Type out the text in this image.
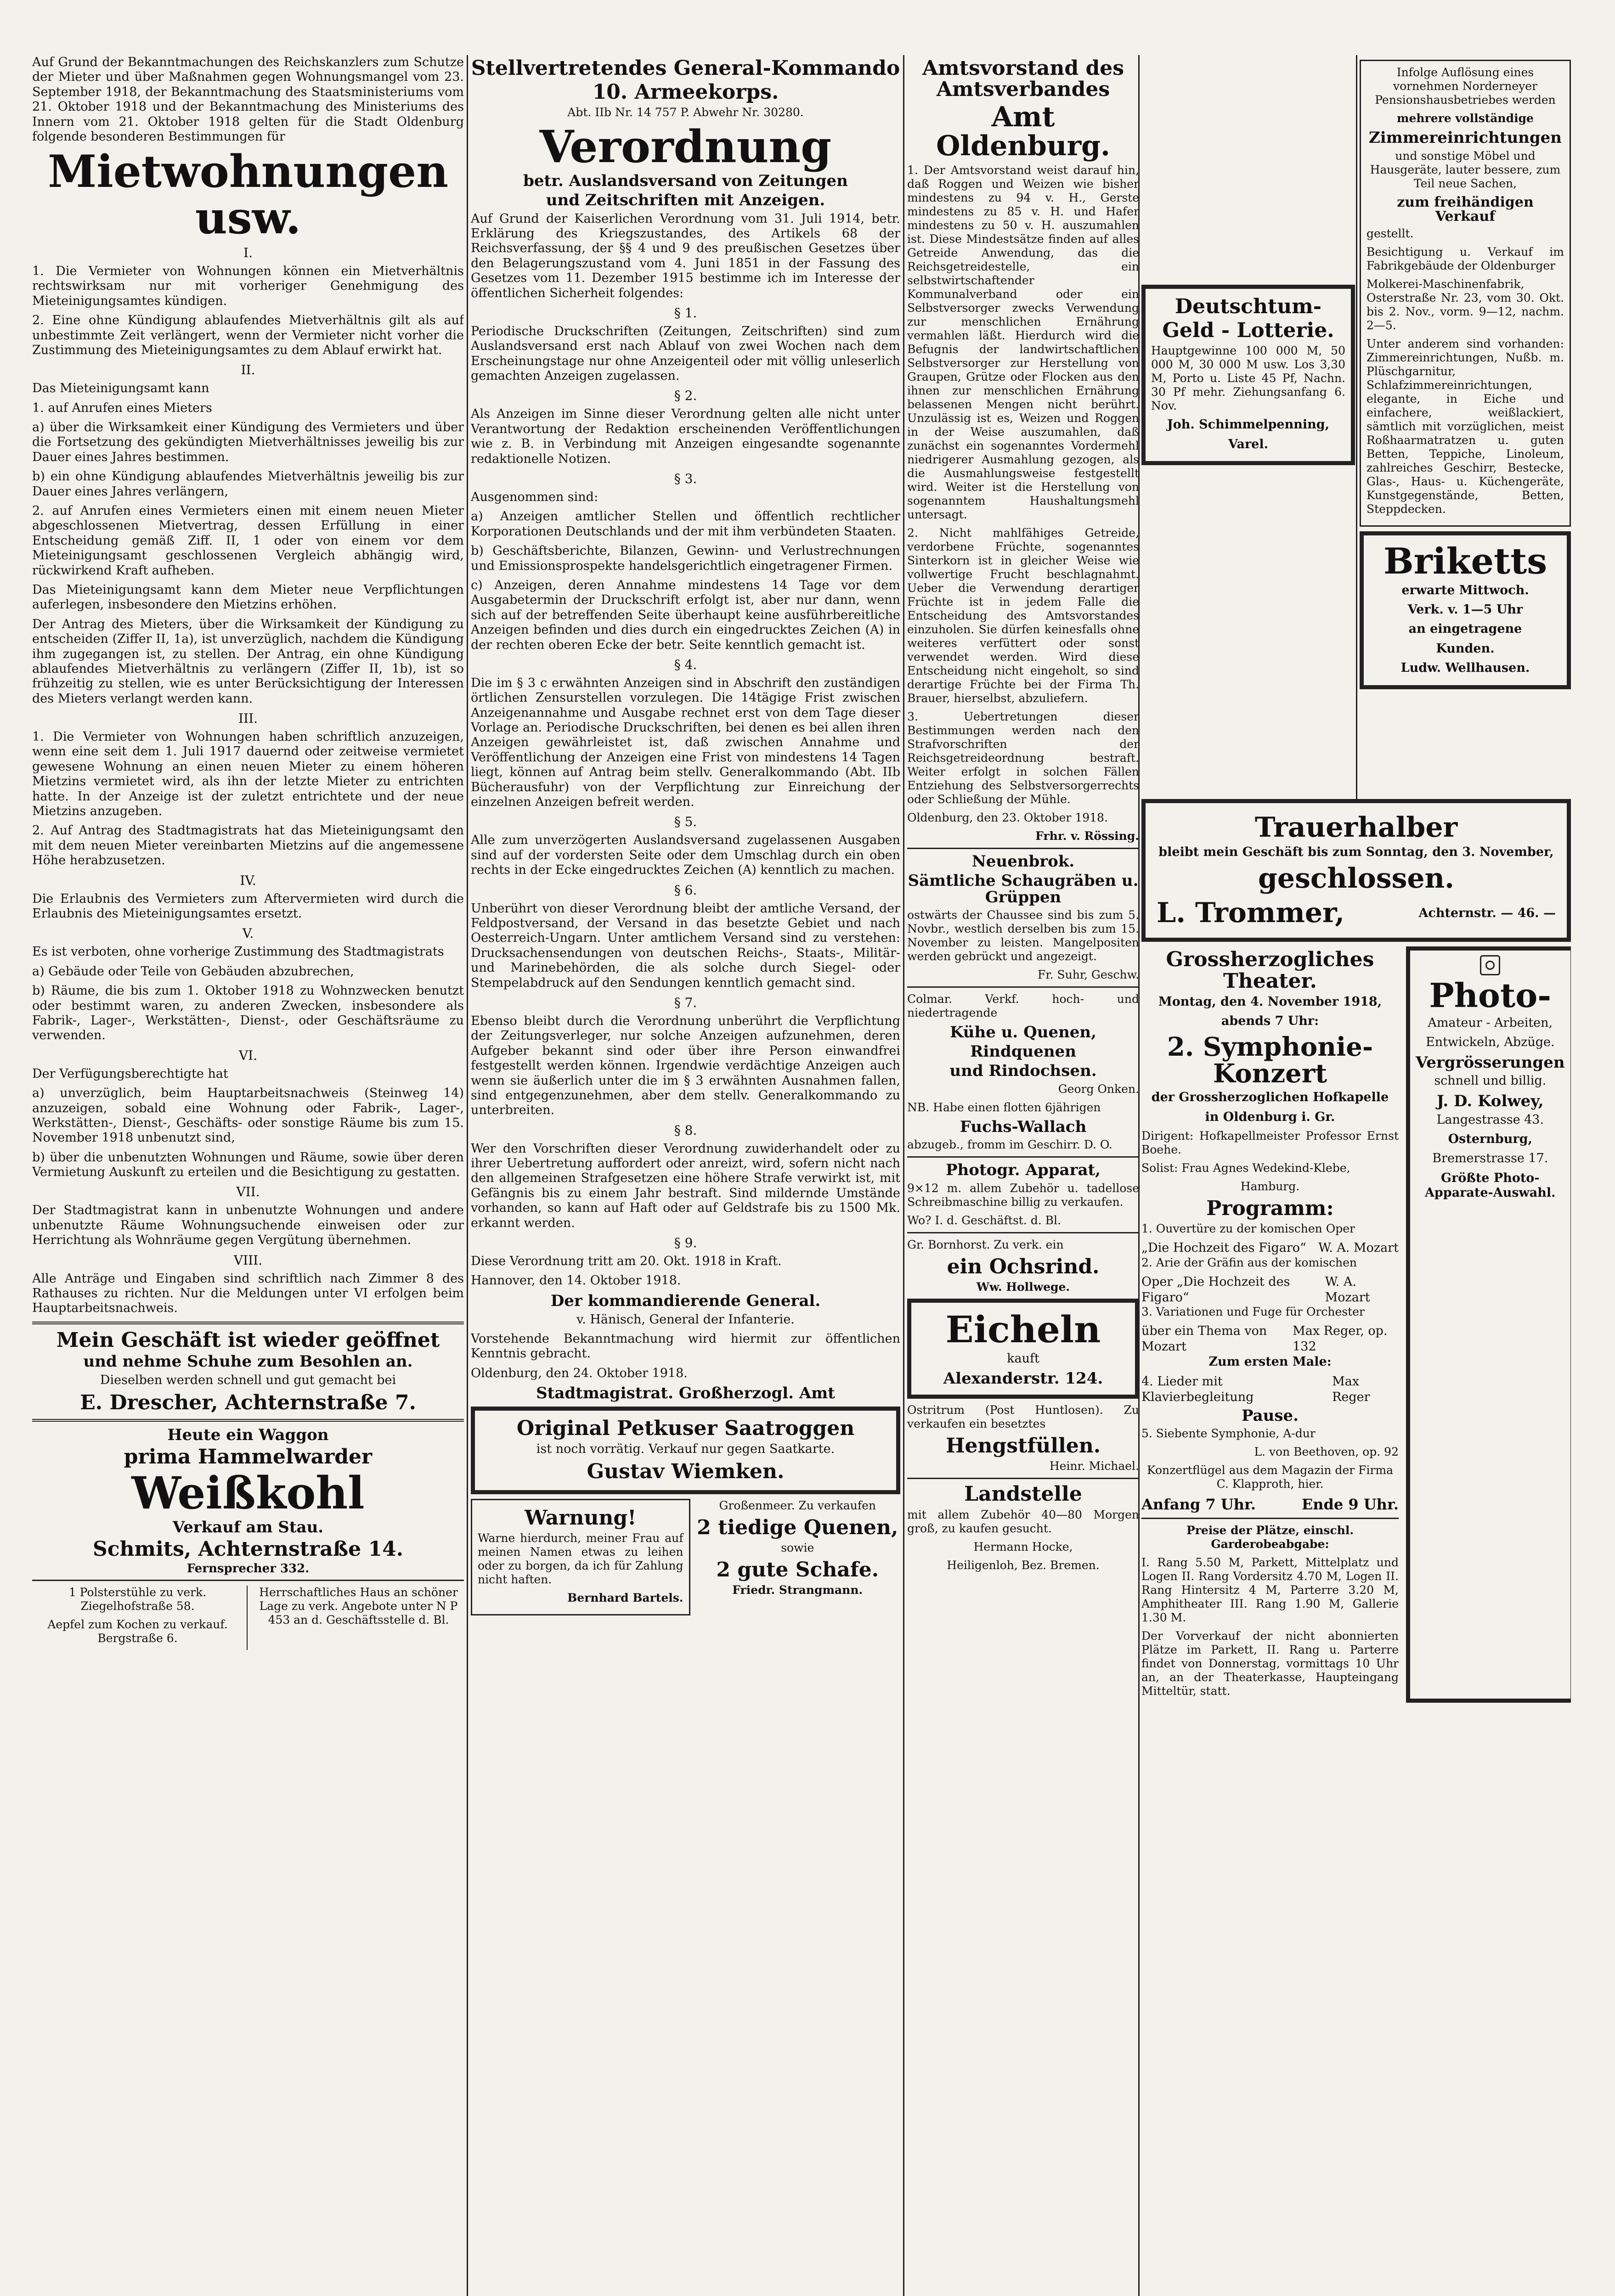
Auf Grund der Bekanntmachungen des Reichskanzlers zum Schutze der Mieter und über Maßnahmen gegen Wohnungsmangel vom 23. September 1918, der Bekanntmachung des Staatsministeriums vom 21. Oktober 1918 und der Bekanntmachung des Ministeriums des Innern vom 21. Oktober 1918 gelten für die Stadt Oldenburg folgende besonderen Bestimmungen für

Mietwohnungen usw.
I.

1. Die Vermieter von Wohnungen können ein Mietverhältnis rechtswirksam nur mit vorheriger Genehmigung des Mieteinigungsamtes kündigen.

2. Eine ohne Kündigung ablaufendes Mietverhältnis gilt als auf unbestimmte Zeit verlängert, wenn der Vermieter nicht vorher die Zustimmung des Mieteinigungsamtes zu dem Ablauf erwirkt hat.

II.

Das Mieteinigungsamt kann

1. auf Anrufen eines Mieters

a) über die Wirksamkeit einer Kündigung des Vermieters und über die Fortsetzung des gekündigten Mietverhältnisses jeweilig bis zur Dauer eines Jahres bestimmen.

b) ein ohne Kündigung ablaufendes Mietverhältnis jeweilig bis zur Dauer eines Jahres verlängern,

2. auf Anrufen eines Vermieters einen mit einem neuen Mieter abgeschlossenen Mietvertrag, dessen Erfüllung in einer Entscheidung gemäß Ziff. II, 1 oder von einem vor dem Mieteinigungsamt geschlossenen Vergleich abhängig wird, rückwirkend Kraft aufheben.

Das Mieteinigungsamt kann dem Mieter neue Verpflichtungen auferlegen, insbesondere den Mietzins erhöhen.

Der Antrag des Mieters, über die Wirksamkeit der Kündigung zu entscheiden (Ziffer II, 1a), ist unverzüglich, nachdem die Kündigung ihm zugegangen ist, zu stellen. Der Antrag, ein ohne Kündigung ablaufendes Mietverhältnis zu verlängern (Ziffer II, 1b), ist so frühzeitig zu stellen, wie es unter Berücksichtigung der Interessen des Mieters verlangt werden kann.

III.

1. Die Vermieter von Wohnungen haben schriftlich anzuzeigen, wenn eine seit dem 1. Juli 1917 dauernd oder zeitweise vermietet gewesene Wohnung an einen neuen Mieter zu einem höheren Mietzins vermietet wird, als ihn der letzte Mieter zu entrichten hatte. In der Anzeige ist der zuletzt entrichtete und der neue Mietzins anzugeben.

2. Auf Antrag des Stadtmagistrats hat das Mieteinigungsamt den mit dem neuen Mieter vereinbarten Mietzins auf die angemessene Höhe herabzusetzen.

IV.

Die Erlaubnis des Vermieters zum Aftervermieten wird durch die Erlaubnis des Mieteinigungsamtes ersetzt.

V.

Es ist verboten, ohne vorherige Zustimmung des Stadtmagistrats

a) Gebäude oder Teile von Gebäuden abzubrechen,

b) Räume, die bis zum 1. Oktober 1918 zu Wohnzwecken benutzt oder bestimmt waren, zu anderen Zwecken, insbesondere als Fabrik-, Lager-, Werkstätten-, Dienst-, oder Geschäftsräume zu verwenden.

VI.

Der Verfügungsberechtigte hat

a) unverzüglich, beim Hauptarbeitsnachweis (Steinweg 14) anzuzeigen, sobald eine Wohnung oder Fabrik-, Lager-, Werkstätten-, Dienst-, Geschäfts- oder sonstige Räume bis zum 15. November 1918 unbenutzt sind,

b) über die unbenutzten Wohnungen und Räume, sowie über deren Vermietung Auskunft zu erteilen und die Besichtigung zu gestatten.

VII.

Der Stadtmagistrat kann in unbenutzte Wohnungen und andere unbenutzte Räume Wohnungsuchende einweisen oder zur Herrichtung als Wohnräume gegen Vergütung übernehmen.

VIII.

Alle Anträge und Eingaben sind schriftlich nach Zimmer 8 des Rathauses zu richten. Nur die Meldungen unter VI erfolgen beim Hauptarbeitsnachweis.

Mein Geschäft ist wieder geöffnet
und nehme Schuhe zum Besohlen an.

Dieselben werden schnell und gut gemacht bei

E. Drescher, Achternstraße 7.
Heute ein Waggon
prima Hammelwarder
Weißkohl
Verkauf am Stau.
Schmits, Achternstraße 14.
Fernsprecher 332.

1 Polsterstühle zu verk. Ziegelhofstraße 58.

Aepfel zum Kochen zu verkauf. Bergstraße 6.

Herrschaftliches Haus an schöner Lage zu verk. Angebote unter N P 453 an d. Geschäftsstelle d. Bl.

Stellvertretendes General-Kommando
10. Armeekorps.

Abt. IIb Nr. 14 757 P. Abwehr Nr. 30280.

Verordnung
betr. Auslandsversand von Zeitungen
und Zeitschriften mit Anzeigen.

Auf Grund der Kaiserlichen Verordnung vom 31. Juli 1914, betr. Erklärung des Kriegszustandes, des Artikels 68 der Reichsverfassung, der §§ 4 und 9 des preußischen Gesetzes über den Belagerungszustand vom 4. Juni 1851 in der Fassung des Gesetzes vom 11. Dezember 1915 bestimme ich im Interesse der öffentlichen Sicherheit folgendes:

§ 1.

Periodische Druckschriften (Zeitungen, Zeitschriften) sind zum Auslandsversand erst nach Ablauf von zwei Wochen nach dem Erscheinungstage nur ohne Anzeigenteil oder mit völlig unleserlich gemachten Anzeigen zugelassen.

§ 2.

Als Anzeigen im Sinne dieser Verordnung gelten alle nicht unter Verantwortung der Redaktion erscheinenden Veröffentlichungen wie z. B. in Verbindung mit Anzeigen eingesandte sogenannte redaktionelle Notizen.

§ 3.

Ausgenommen sind:

a) Anzeigen amtlicher Stellen und öffentlich rechtlicher Korporationen Deutschlands und der mit ihm verbündeten Staaten.

b) Geschäftsberichte, Bilanzen, Gewinn- und Verlustrechnungen und Emissionsprospekte handelsgerichtlich eingetragener Firmen.

c) Anzeigen, deren Annahme mindestens 14 Tage vor dem Ausgabetermin der Druckschrift erfolgt ist, aber nur dann, wenn sich auf der betreffenden Seite überhaupt keine ausführbereitliche Anzeigen befinden und dies durch ein eingedrucktes Zeichen (A) in der rechten oberen Ecke der betr. Seite kenntlich gemacht ist.

§ 4.

Die im § 3 c erwähnten Anzeigen sind in Abschrift den zuständigen örtlichen Zensurstellen vorzulegen. Die 14tägige Frist zwischen Anzeigenannahme und Ausgabe rechnet erst von dem Tage dieser Vorlage an. Periodische Druckschriften, bei denen es bei allen ihren Anzeigen gewährleistet ist, daß zwischen Annahme und Veröffentlichung der Anzeigen eine Frist von mindestens 14 Tagen liegt, können auf Antrag beim stellv. Generalkommando (Abt. IIb Bücherausfuhr) von der Verpflichtung zur Einreichung der einzelnen Anzeigen befreit werden.

§ 5.

Alle zum unverzögerten Auslandsversand zugelassenen Ausgaben sind auf der vordersten Seite oder dem Umschlag durch ein oben rechts in der Ecke eingedrucktes Zeichen (A) kenntlich zu machen.

§ 6.

Unberührt von dieser Verordnung bleibt der amtliche Versand, der Feldpostversand, der Versand in das besetzte Gebiet und nach Oesterreich-Ungarn. Unter amtlichem Versand sind zu verstehen: Drucksachensendungen von deutschen Reichs-, Staats-, Militär- und Marinebehörden, die als solche durch Siegel- oder Stempelabdruck auf den Sendungen kenntlich gemacht sind.

§ 7.

Ebenso bleibt durch die Verordnung unberührt die Verpflichtung der Zeitungsverleger, nur solche Anzeigen aufzunehmen, deren Aufgeber bekannt sind oder über ihre Person einwandfrei festgestellt werden können. Irgendwie verdächtige Anzeigen auch wenn sie äußerlich unter die im § 3 erwähnten Ausnahmen fallen, sind entgegenzunehmen, aber dem stellv. Generalkommando zu unterbreiten.

§ 8.

Wer den Vorschriften dieser Verordnung zuwiderhandelt oder zu ihrer Uebertretung auffordert oder anreizt, wird, sofern nicht nach den allgemeinen Strafgesetzen eine höhere Strafe verwirkt ist, mit Gefängnis bis zu einem Jahr bestraft. Sind mildernde Umstände vorhanden, so kann auf Haft oder auf Geldstrafe bis zu 1500 Mk. erkannt werden.

§ 9.

Diese Verordnung tritt am 20. Okt. 1918 in Kraft.

Hannover, den 14. Oktober 1918.

Der kommandierende General.

v. Hänisch, General der Infanterie.

Vorstehende Bekanntmachung wird hiermit zur öffentlichen Kenntnis gebracht.

Oldenburg, den 24. Oktober 1918.

Stadtmagistrat. Großherzogl. Amt
Original Petkuser Saatroggen

ist noch vorrätig. Verkauf nur gegen Saatkarte.

Gustav Wiemken.
Warnung!

Warne hierdurch, meiner Frau auf meinen Namen etwas zu leihen oder zu borgen, da ich für Zahlung nicht haften.

Bernhard Bartels.

Großenmeer. Zu verkaufen

2 tiedige Quenen,

sowie

2 gute Schafe.

Friedr. Strangmann.

Amtsvorstand des Amtsverbandes
Amt Oldenburg.

1. Der Amtsvorstand weist darauf hin, daß Roggen und Weizen wie bisher mindestens zu 94 v. H., Gerste mindestens zu 85 v. H. und Hafer mindestens zu 50 v. H. auszumahlen ist. Diese Mindestsätze finden auf alles Getreide Anwendung, das die Reichsgetreidestelle, ein selbstwirtschaftender Kommunalverband oder ein Selbstversorger zwecks Verwendung zur menschlichen Ernährung vermahlen läßt. Hierdurch wird die Befugnis der landwirtschaftlichen Selbstversorger zur Herstellung von Graupen, Grütze oder Flocken aus den ihnen zur menschlichen Ernährung belassenen Mengen nicht berührt. Unzulässig ist es, Weizen und Roggen in der Weise auszumahlen, daß zunächst ein sogenanntes Vordermehl niedrigerer Ausmahlung gezogen, als die Ausmahlungsweise festgestellt wird. Weiter ist die Herstellung von sogenanntem Haushaltungsmehl untersagt.

2. Nicht mahlfähiges Getreide, verdorbene Früchte, sogenanntes Sinterkorn ist in gleicher Weise wie vollwertige Frucht beschlagnahmt. Ueber die Verwendung derartiger Früchte ist in jedem Falle die Entscheidung des Amtsvorstandes einzuholen. Sie dürfen keinesfalls ohne weiteres verfüttert oder sonst verwendet werden. Wird diese Entscheidung nicht eingeholt, so sind derartige Früchte bei der Firma Th. Brauer, hierselbst, abzuliefern.

3. Uebertretungen dieser Bestimmungen werden nach den Strafvorschriften der Reichsgetreideordnung bestraft. Weiter erfolgt in solchen Fällen Entziehung des Selbstversorgerrechts oder Schließung der Mühle.

Oldenburg, den 23. Oktober 1918.

Frhr. v. Rössing.

Neuenbrok.
Sämtliche Schaugräben u. Grüppen

ostwärts der Chaussee sind bis zum 5. Novbr., westlich derselben bis zum 15. November zu leisten. Mangelpositen werden gebrückt und angezeigt.

Fr. Suhr, Geschw.

Colmar. Verkf. hoch- und niedertragende

Kühe u. Quenen,
Rindquenen
und Rindochsen.

Georg Onken.

NB. Habe einen flotten 6jährigen

Fuchs-Wallach

abzugeb., fromm im Geschirr. D. O.

Photogr. Apparat,

9×12 m. allem Zubehör u. tadellose Schreibmaschine billig zu verkaufen.

Wo? I. d. Geschäftst. d. Bl.

Gr. Bornhorst. Zu verk. ein

ein Ochsrind.

Ww. Hollwege.

Eicheln

kauft

Alexanderstr. 124.

Ostritrum (Post Huntlosen). Zu verkaufen ein besetztes

Hengstfüllen.

Heinr. Michael.

Landstelle

mit allem Zubehör 40—80 Morgen groß, zu kaufen gesucht.

Hermann Hocke,

Heiligenloh, Bez. Bremen.

Deutschtum-
Geld - Lotterie.

Hauptgewinne 100 000 M, 50 000 M, 30 000 M usw. Los 3,30 M, Porto u. Liste 45 Pf, Nachn. 30 Pf mehr. Ziehungsanfang 6. Nov.

Joh. Schimmelpenning,

Varel.

Infolge Auflösung eines vornehmen Norderneyer Pensionshausbetriebes werden

mehrere vollständige

Zimmereinrichtungen

und sonstige Möbel und Hausgeräte, lauter bessere, zum Teil neue Sachen,

zum freihändigen Verkauf

gestellt.

Besichtigung u. Verkauf im Fabrikgebäude der Oldenburger

Molkerei-Maschinenfabrik, Osterstraße Nr. 23, vom 30. Okt. bis 2. Nov., vorm. 9—12, nachm. 2—5.

Unter anderem sind vorhanden: Zimmereinrichtungen, Nußb. m. Plüschgarnitur, Schlafzimmereinrichtungen, elegante, in Eiche und einfachere, weißlackiert, sämtlich mit vorzüglichen, meist Roßhaarmatratzen u. guten Betten, Teppiche, Linoleum, zahlreiches Geschirr, Bestecke, Glas-, Haus- u. Küchengeräte, Kunstgegenstände, Betten, Steppdecken.

Briketts

erwarte Mittwoch.

Verk. v. 1—5 Uhr

an eingetragene

Kunden.

Ludw. Wellhausen.

Trauerhalber

bleibt mein Geschäft bis zum Sonntag, den 3. November,

geschlossen.
L. Trommer,	Achternstr. — 46. —

Grossherzogliches Theater.

Montag, den 4. November 1918,

abends 7 Uhr:

2. Symphonie-Konzert

der Grossherzoglichen Hofkapelle

in Oldenburg i. Gr.

Dirigent: Hofkapellmeister Professor Ernst Boehe.

Solist: Frau Agnes Wedekind-Klebe,

Hamburg.

Programm:

1. Ouvertüre zu der komischen Oper

„Die Hochzeit des Figaro“ W. A. Mozart

2. Arie der Gräfin aus der komischen

Oper „Die Hochzeit des Figaro“
W. A. Mozart

3. Variationen und Fuge für Orchester

über ein Thema von Mozart
Max Reger, op. 132

Zum ersten Male:

4. Lieder mit Klavierbegleitung
Max Reger
Pause.

5. Siebente Symphonie, A-dur

L. von Beethoven, op. 92

Konzertflügel aus dem Magazin der Firma C. Klapproth, hier.

Anfang 7 Uhr.	Ende 9 Uhr.

Preise der Plätze, einschl. Garderobeabgabe:

I. Rang 5.50 M, Parkett, Mittelplatz und Logen II. Rang Vordersitz 4.70 M, Logen II. Rang Hintersitz 4 M, Parterre 3.20 M, Amphitheater III. Rang 1.90 M, Gallerie 1.30 M.

Der Vorverkauf der nicht abonnierten Plätze im Parkett, II. Rang u. Parterre findet von Donnerstag, vormittags 10 Uhr an, an der Theaterkasse, Haupteingang Mitteltür, statt.

Photo-

Amateur - Arbeiten,

Entwickeln, Abzüge.

Vergrösserungen

schnell und billig.

J. D. Kolwey,

Langestrasse 43.

Osternburg,

Bremerstrasse 17.

Größte Photo-Apparate-Auswahl.
